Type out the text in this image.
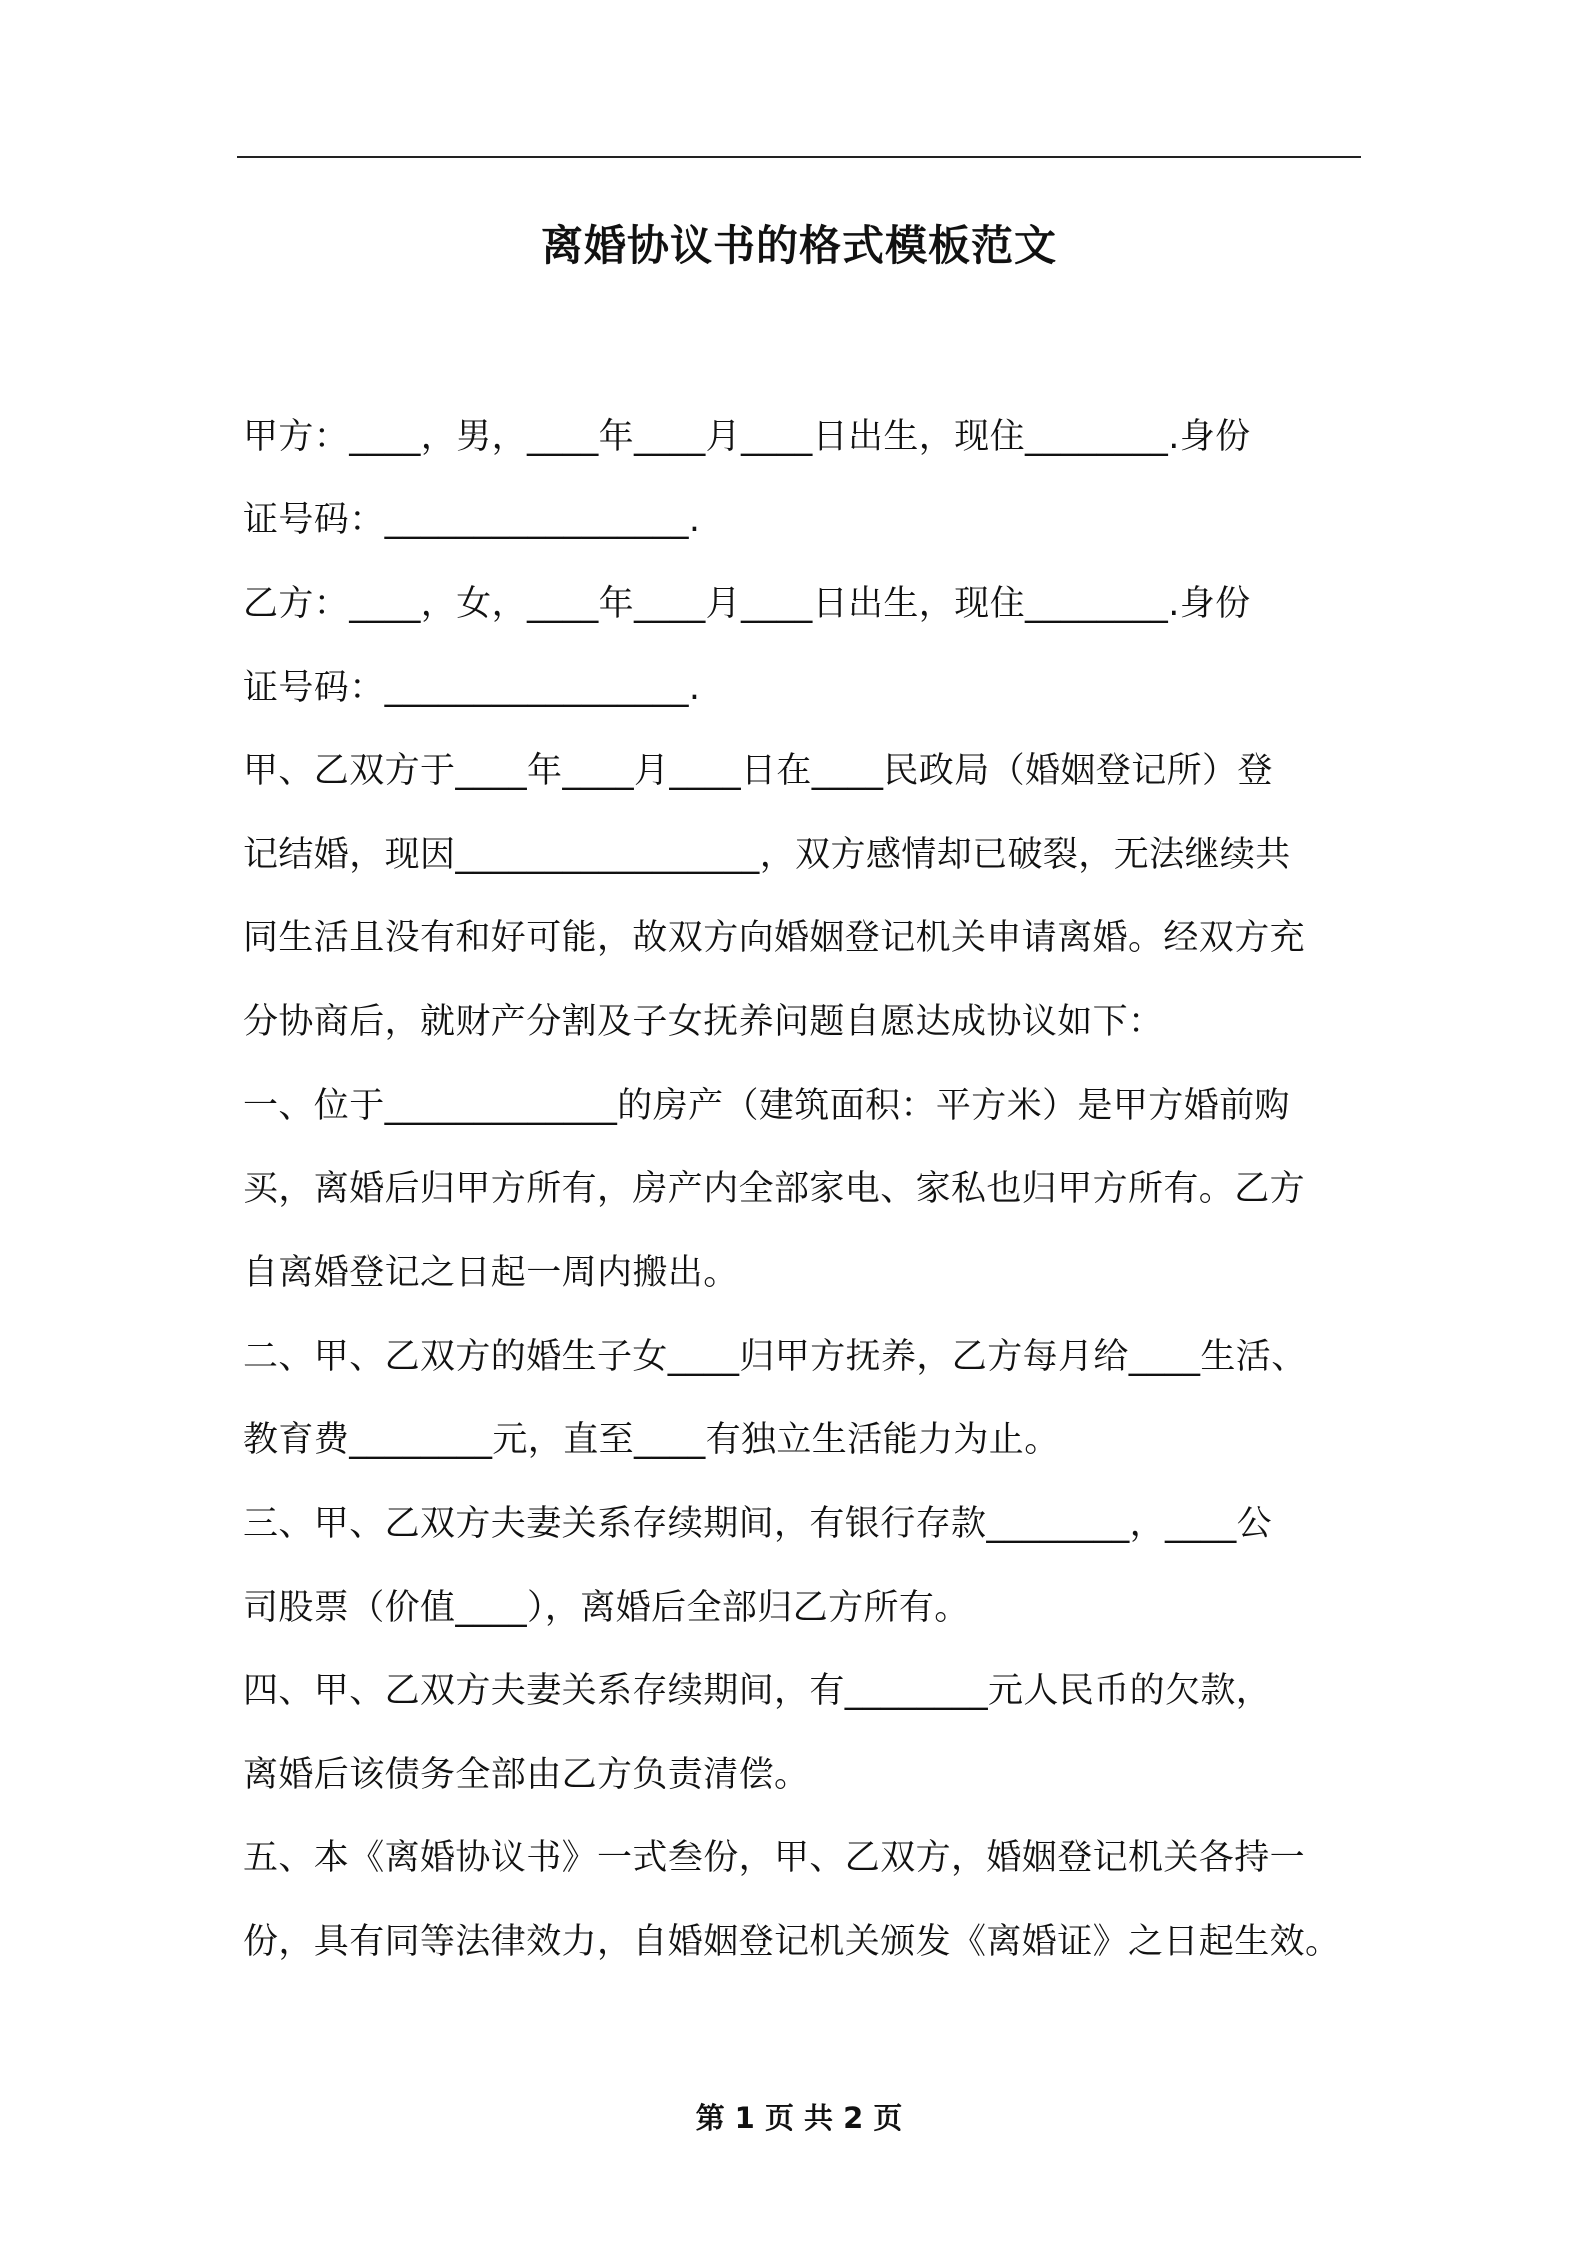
离婚协议书的格式模板范文
甲方：____，男，____年____月____日出生，现住________.身份
证号码：_________________.
乙方：____，女，____年____月____日出生，现住________.身份
证号码：_________________.
甲、乙双方于____年____月____日在____民政局（婚姻登记所）登
记结婚，现因_________________，双方感情却已破裂，无法继续共
同生活且没有和好可能，故双方向婚姻登记机关申请离婚。经双方充
分协商后，就财产分割及子女抚养问题自愿达成协议如下：
一、位于_____________的房产（建筑面积：平方米）是甲方婚前购
买，离婚后归甲方所有，房产内全部家电、家私也归甲方所有。乙方
自离婚登记之日起一周内搬出。
二、甲、乙双方的婚生子女____归甲方抚养，乙方每月给____生活、
教育费________元，直至____有独立生活能力为止。
三、甲、乙双方夫妻关系存续期间，有银行存款________，____公
司股票（价值____），离婚后全部归乙方所有。
四、甲、乙双方夫妻关系存续期间，有________元人民币的欠款，
离婚后该债务全部由乙方负责清偿。
五、本《离婚协议书》一式叁份，甲、乙双方，婚姻登记机关各持一
份，具有同等法律效力，自婚姻登记机关颁发《离婚证》之日起生效。
第 1 页 共 2 页
